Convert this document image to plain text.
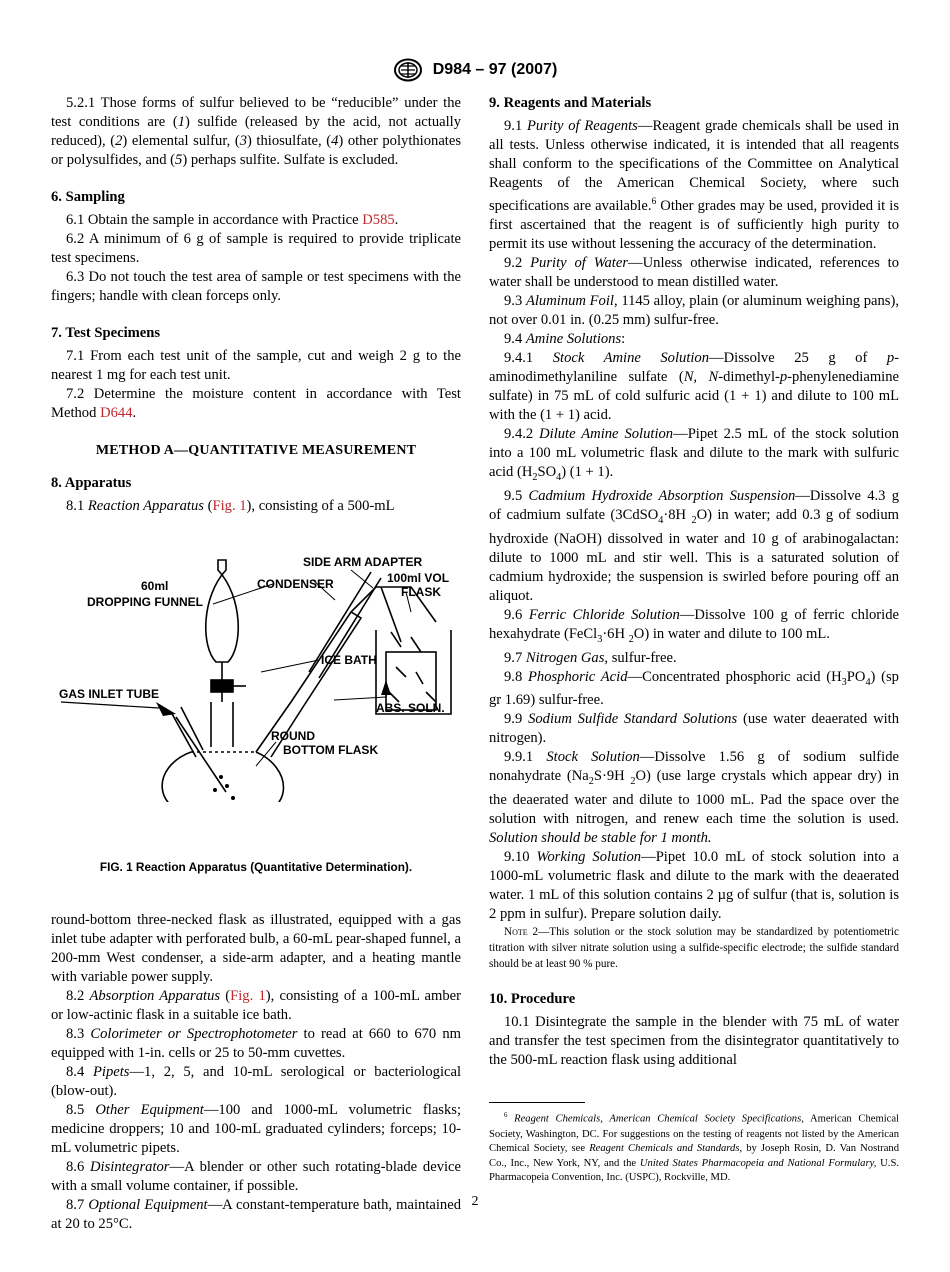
D984 – 97 (2007)

5.2.1 Those forms of sulfur believed to be “reducible” under the test conditions are (1) sulfide (released by the acid, not actually reduced), (2) elemental sulfur, (3) thiosulfate, (4) other polythionates or polysulfides, and (5) perhaps sulfite. Sulfate is excluded.

6. Sampling

6.1 Obtain the sample in accordance with Practice D585.

6.2 A minimum of 6 g of sample is required to provide triplicate test specimens.

6.3 Do not touch the test area of sample or test specimens with the fingers; handle with clean forceps only.

7. Test Specimens

7.1 From each test unit of the sample, cut and weigh 2 g to the nearest 1 mg for each test unit.

7.2 Determine the moisture content in accordance with Test Method D644.

METHOD A—QUANTITATIVE MEASUREMENT
8. Apparatus

8.1 Reaction Apparatus (Fig. 1), consisting of a 500-mL

60ml
DROPPING FUNNEL
CONDENSER
SIDE ARM ADAPTER
100ml VOL
FLASK
ICE BATH
GAS INLET TUBE
ABS. SOLN.
ROUND
BOTTOM FLASK
FIG. 1 Reaction Apparatus (Quantitative Determination).

round-bottom three-necked flask as illustrated, equipped with a gas inlet tube adapter with perforated bulb, a 60-mL pear-shaped funnel, a 200-mm West condenser, a side-arm adapter, and a heating mantle with variable power supply.

8.2 Absorption Apparatus (Fig. 1), consisting of a 100-mL amber or low-actinic flask in a suitable ice bath.

8.3 Colorimeter or Spectrophotometer to read at 660 to 670 nm equipped with 1-in. cells or 25 to 50-mm cuvettes.

8.4 Pipets—1, 2, 5, and 10-mL serological or bacteriological (blow-out).

8.5 Other Equipment—100 and 1000-mL volumetric flasks; medicine droppers; 10 and 100-mL graduated cylinders; forceps; 10-mL volumetric pipets.

8.6 Disintegrator—A blender or other such rotating-blade device with a small volume container, if possible.

8.7 Optional Equipment—A constant-temperature bath, maintained at 20 to 25°C.

9. Reagents and Materials

9.1 Purity of Reagents—Reagent grade chemicals shall be used in all tests. Unless otherwise indicated, it is intended that all reagents shall conform to the specifications of the Committee on Analytical Reagents of the American Chemical Society, where such specifications are available.$^6$ Other grades may be used, provided it is first ascertained that the reagent is of sufficiently high purity to permit its use without lessening the accuracy of the determination.

9.2 Purity of Water—Unless otherwise indicated, references to water shall be understood to mean distilled water.

9.3 Aluminum Foil, 1145 alloy, plain (or aluminum weighing pans), not over 0.01 in. (0.25 mm) sulfur-free.

9.4 Amine Solutions:

9.4.1 Stock Amine Solution—Dissolve 25 g of p-aminodimethylaniline sulfate (N, N-dimethyl-p-phenylenediamine sulfate) in 75 mL of cold sulfuric acid (1 + 1) and dilute to 100 mL with the (1 + 1) acid.

9.4.2 Dilute Amine Solution—Pipet 2.5 mL of the stock solution into a 100 mL volumetric flask and dilute to the mark with sulfuric acid $(H_2SO_4) (1 + 1)$.

9.5 Cadmium Hydroxide Absorption Suspension—Dissolve 4.3 g of cadmium sulfate (3CdSO$_4$·8H $_2$O) in water; add 0.3 g of sodium hydroxide (NaOH) dissolved in water and 10 g of arabinogalactan: dilute to 1000 mL and stir well. This is a saturated solution of cadmium hydroxide; the suspension is swirled before pouring off an aliquot.

9.6 Ferric Chloride Solution—Dissolve 100 g of ferric chloride hexahydrate (FeCl$_3$·6H $_2$O) in water and dilute to 100 mL.

9.7 Nitrogen Gas, sulfur-free.

9.8 Phosphoric Acid—Concentrated phosphoric acid $(H_3PO_4)$ (sp gr 1.69) sulfur-free.

9.9 Sodium Sulfide Standard Solutions (use water deaerated with nitrogen).

9.9.1 Stock Solution—Dissolve 1.56 g of sodium sulfide nonahydrate ($Na_2S\cdot 9H$ $_2$O) (use large crystals which appear dry) in the deaerated water and dilute to 1000 mL. Pad the space over the solution with nitrogen, and renew each time the solution is used. Solution should be stable for 1 month.

9.10 Working Solution—Pipet 10.0 mL of stock solution into a 1000-mL volumetric flask and dilute to the mark with the deaerated water. 1 mL of this solution contains 2 µg of sulfur (that is, solution is 2 ppm in sulfur). Prepare solution daily.

Note 2—This solution or the stock solution may be standardized by potentiometric titration with silver nitrate solution using a sulfide-specific electrode; the sulfide standard should be at least 90 % pure.

10. Procedure

10.1 Disintegrate the sample in the blender with 75 mL of water and transfer the test specimen from the disintegrator quantitatively to the 500-mL reaction flask using additional

$^6$ Reagent Chemicals, American Chemical Society Specifications, American Chemical Society, Washington, DC. For suggestions on the testing of reagents not listed by the American Chemical Society, see Reagent Chemicals and Standards, by Joseph Rosin, D. Van Nostrand Co., Inc., New York, NY, and the United States Pharmacopeia and National Formulary, U.S. Pharmacopeia Convention, Inc. (USPC), Rockville, MD.

2
